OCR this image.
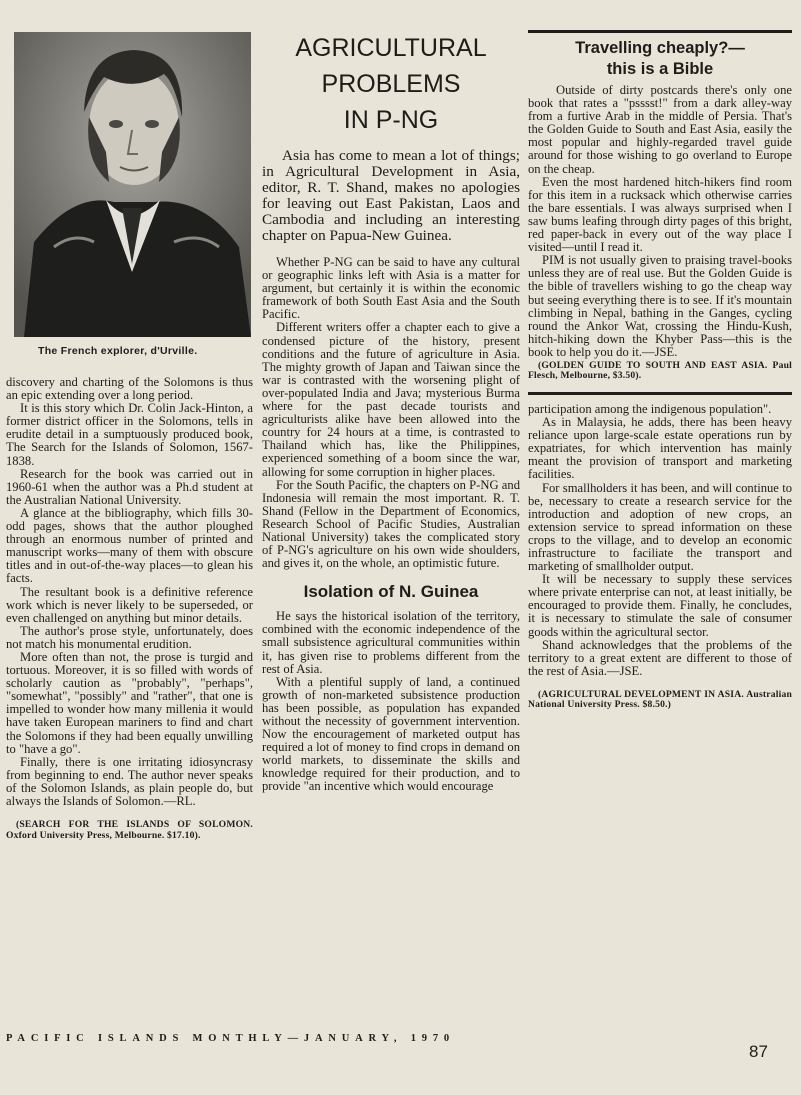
The French explorer, d'Urville.

discovery and charting of the Solomons is thus an epic extending over a long period.

It is this story which Dr. Colin Jack-Hinton, a former district officer in the Solomons, tells in erudite detail in a sumptuously produced book, The Search for the Islands of Solomon, 1567-1838.

Research for the book was carried out in 1960-61 when the author was a Ph.d student at the Australian National University.

A glance at the bibliography, which fills 30-odd pages, shows that the author ploughed through an enormous number of printed and manuscript works—many of them with obscure titles and in out-of-the-way places—to glean his facts.

The resultant book is a definitive reference work which is never likely to be superseded, or even challenged on anything but minor details.

The author's prose style, unfortunately, does not match his monumental erudition.

More often than not, the prose is turgid and tortuous. Moreover, it is so filled with words of scholarly caution as "probably", "perhaps", "somewhat", "possibly" and "rather", that one is impelled to wonder how many millenia it would have taken European mariners to find and chart the Solomons if they had been equally unwilling to "have a go".

Finally, there is one irritating idiosyncrasy from beginning to end. The author never speaks of the Solomon Islands, as plain people do, but always the Islands of Solomon.—RL.

(SEARCH FOR THE ISLANDS OF SOLOMON. Oxford University Press, Melbourne. $17.10).

AGRICULTURAL
PROBLEMS
IN P-NG

Asia has come to mean a lot of things; in Agricultural Development in Asia, editor, R. T. Shand, makes no apologies for leaving out East Pakistan, Laos and Cambodia and including an interesting chapter on Papua-New Guinea.

Whether P-NG can be said to have any cultural or geographic links left with Asia is a matter for argument, but certainly it is within the economic framework of both South East Asia and the South Pacific.

Different writers offer a chapter each to give a condensed picture of the history, present conditions and the future of agriculture in Asia. The mighty growth of Japan and Taiwan since the war is contrasted with the worsening plight of over-populated India and Java; mysterious Burma where for the past decade tourists and agriculturists alike have been allowed into the country for 24 hours at a time, is contrasted to Thailand which has, like the Philippines, experienced something of a boom since the war, allowing for some corruption in higher places.

For the South Pacific, the chapters on P-NG and Indonesia will remain the most important. R. T. Shand (Fellow in the Department of Economics, Research School of Pacific Studies, Australian National University) takes the complicated story of P-NG's agriculture on his own wide shoulders, and gives it, on the whole, an optimistic future.

Isolation of N. Guinea

He says the historical isolation of the territory, combined with the economic independence of the small subsistence agricultural communities within it, has given rise to problems different from the rest of Asia.

With a plentiful supply of land, a continued growth of non-marketed subsistence production has been possible, as population has expanded without the necessity of government intervention. Now the encouragement of marketed output has required a lot of money to find crops in demand on world markets, to disseminate the skills and knowledge required for their production, and to provide "an incentive which would encourage

Travelling cheaply?—
this is a Bible

Outside of dirty postcards there's only one book that rates a "psssst!" from a dark alley-way from a furtive Arab in the middle of Persia. That's the Golden Guide to South and East Asia, easily the most popular and highly-regarded travel guide around for those wishing to go overland to Europe on the cheap.

Even the most hardened hitch-hikers find room for this item in a rucksack which otherwise carries the bare essentials. I was always surprised when I saw bums leafing through dirty pages of this bright, red paper-back in every out of the way place I visited—until I read it.

PIM is not usually given to praising travel-books unless they are of real use. But the Golden Guide is the bible of travellers wishing to go the cheap way but seeing everything there is to see. If it's mountain climbing in Nepal, bathing in the Ganges, cycling round the Ankor Wat, crossing the Hindu-Kush, hitch-hiking down the Khyber Pass—this is the book to help you do it.—JSE.

(GOLDEN GUIDE TO SOUTH AND EAST ASIA. Paul Flesch, Melbourne, $3.50).

participation among the indigenous population".

As in Malaysia, he adds, there has been heavy reliance upon large-scale estate operations run by expatriates, for which intervention has mainly meant the provision of transport and marketing facilities.

For smallholders it has been, and will continue to be, necessary to create a research service for the introduction and adoption of new crops, an extension service to spread information on these crops to the village, and to develop an economic infrastructure to faciliate the transport and marketing of smallholder output.

It will be necessary to supply these services where private enterprise can not, at least initially, be encouraged to provide them. Finally, he concludes, it is necessary to stimulate the sale of consumer goods within the agricultural sector.

Shand acknowledges that the problems of the territory to a great extent are different to those of the rest of Asia.—JSE.

(AGRICULTURAL DEVELOPMENT IN ASIA. Australian National University Press. $8.50.)

PACIFIC ISLANDS MONTHLY—JANUARY, 1970
87
